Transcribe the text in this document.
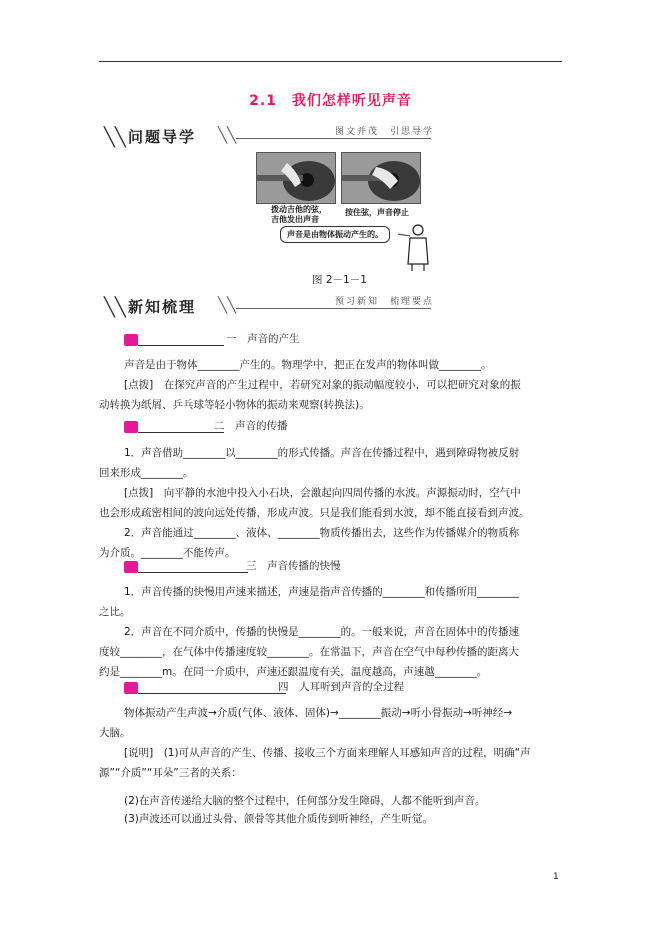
2.1　我们怎样听见声音
╲╲ 问题导学 ╲╲	图文并茂　引思导学
拨动吉他的弦，
吉他发出声音
按住弦，声音停止
声音是由物体振动产生的。
图 2－1－1
╲╲ 新知梳理 ╲╲	预习新知　梳理要点
一　声音的产生
声音是由于物体________产生的。物理学中，把正在发声的物体叫做________。
[点拨]　在探究声音的产生过程中，若研究对象的振动幅度较小，可以把研究对象的振
动转换为纸屑、乒乓球等轻小物体的振动来观察(转换法)。
二　声音的传播
1．声音借助________以________的形式传播。声音在传播过程中，遇到障碍物被反射
回来形成________。
[点拨]　向平静的水池中投入小石块，会激起向四周传播的水波。声源振动时，空气中
也会形成疏密相间的波向远处传播，形成声波。只是我们能看到水波，却不能直接看到声波。
2．声音能通过________、液体、________物质传播出去，这些作为传播媒介的物质称
为介质。________不能传声。
三　声音传播的快慢
1．声音传播的快慢用声速来描述，声速是指声音传播的________和传播所用________
之比。
2．声音在不同介质中，传播的快慢是________的。一般来说，声音在固体中的传播速
度较________，在气体中传播速度较________。在常温下，声音在空气中每秒传播的距离大
约是________m。在同一介质中，声速还跟温度有关，温度越高，声速越________。
四　人耳听到声音的全过程
物体振动产生声波→介质(气体、液体、固体)→________振动→听小骨振动→听神经→
大脑。
[说明]　(1)可从声音的产生、传播、接收三个方面来理解人耳感知声音的过程，明确“声
源”“介质”“耳朵”三者的关系：
(2)在声音传递给大脑的整个过程中，任何部分发生障碍，人都不能听到声音。
(3)声波还可以通过头骨、颌骨等其他介质传到听神经，产生听觉。
1
